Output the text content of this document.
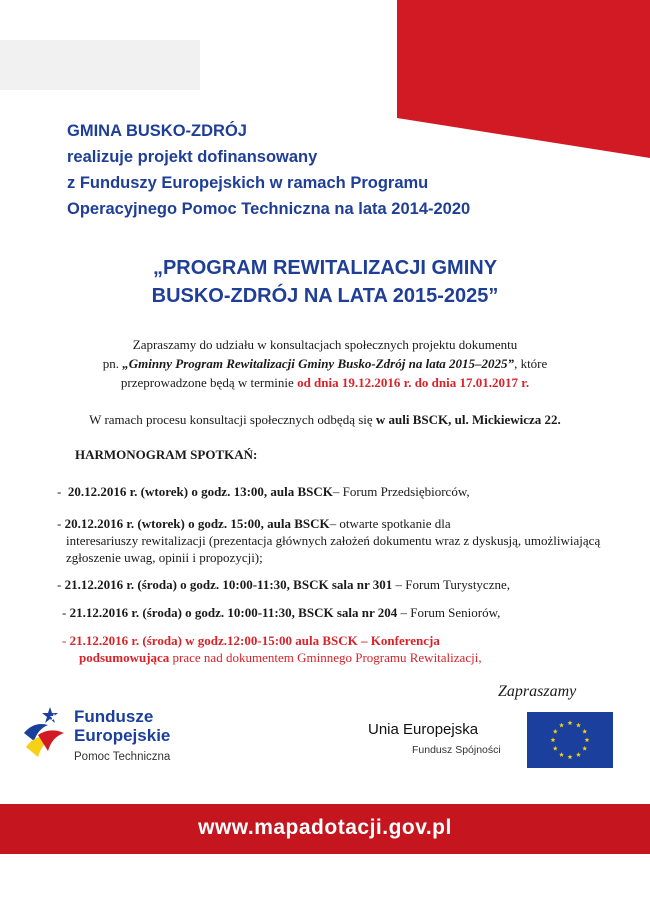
GMINA BUSKO-ZDRÓJ
realizuje projekt dofinansowany
z Funduszy Europejskich w ramach Programu
Operacyjnego Pomoc Techniczna na lata 2014-2020
„PROGRAM REWITALIZACJI GMINY
BUSKO-ZDRÓJ NA LATA 2015-2025”
Zapraszamy do udziału w konsultacjach społecznych projektu dokumentu
pn. „Gminny Program Rewitalizacji Gminy Busko-Zdrój na lata 2015–2025”, które
przeprowadzone będą w terminie od dnia 19.12.2016 r. do dnia 17.01.2017 r.
W ramach procesu konsultacji społecznych odbędą się w auli BSCK, ul. Mickiewicza 22.
HARMONOGRAM SPOTKAŃ:
-  20.12.2016 r. (wtorek) o godz. 13:00, aula BSCK– Forum Przedsiębiorców,
- 20.12.2016 r. (wtorek) o godz. 15:00, aula BSCK– otwarte spotkanie dla
interesariuszy rewitalizacji (prezentacja głównych założeń dokumentu wraz z dyskusją, umożliwiającą
zgłoszenie uwag, opinii i propozycji);
- 21.12.2016 r. (środa) o godz. 10:00-11:30, BSCK sala nr 301 – Forum Turystyczne,
- 21.12.2016 r. (środa) o godz. 10:00-11:30, BSCK sala nr 204 – Forum Seniorów,
- 21.12.2016 r. (środa) w godz.12:00-15:00 aula BSCK – Konferencja
podsumowująca prace nad dokumentem Gminnego Programu Rewitalizacji,
Zapraszamy
Fundusze
Europejskie
Pomoc Techniczna
Unia Europejska
Fundusz Spójności
www.mapadotacji.gov.pl
